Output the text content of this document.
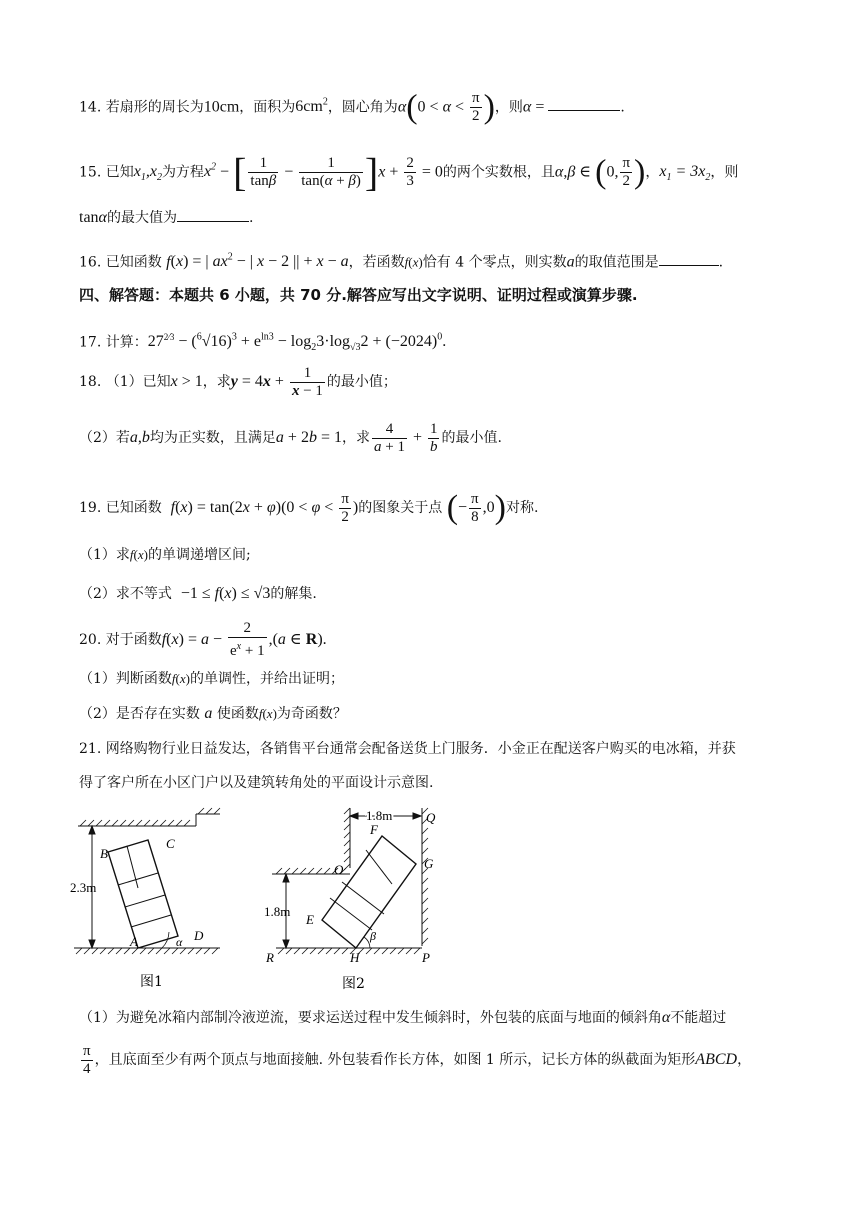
14. 若扇形的周长为10cm，面积为$6cm^2$，圆心角为$\alpha(0 < \alpha < \frac{\pi}{2}$ )，则α =	.
15. 已知$x_1,x_2$为方程$x^2$ − [ $\frac{1}{\tan\beta} - \frac{1}{\tan(\alpha + \beta)} ]x + \frac{2}{3} = 0$的两个实数根，且α,β ∈ (0, $\frac{\pi}{2}$ )，$x_1 = 3x_2$，则
tanα的最大值为	.
16. 已知函数 f(x) = | $ax^2$ − | x − 2 || + x − a，若函数f(x)恰有 4 个零点，则实数a的取值范围是	.
四、解答题：本题共 6 小题，共 70 分.解答应写出文字说明、证明过程或演算步骤.
17. 计算：$27^{2⁄3} - (^6√16)^3 + e^{ln3} - \log_23\cdot\log_{√3}2 + (-2024)^0$.
18. （1）已知x > 1，求$y = 4x + \frac{1}{x - 1}$ 的最小值；
（2）若a,b均为正实数，且满足a + 2b = 1，求 $\frac{4}{a + 1} + \frac{1}{b}$ 的最小值.
19. 已知函数 $f(x) = \tan(2x + \varphi)(0 < \varphi < \frac{\pi}{2}$ )的图象关于点 (− $\frac{\pi}{8} ,0$)对称.
（1）求f(x)的单调递增区间;
（2）求不等式 −1 ≤ f(x) ≤ √3的解集.
20. 对于函数$f(x) = a - \frac{2}{e^x + 1} ,(a$ ∈ R).
（1）判断函数f(x)的单调性，并给出证明；
（2）是否存在实数 a 使函数f(x)为奇函数？
21. 网络购物行业日益发达，各销售平台通常会配备送货上门服务．小金正在配送客户购买的电冰箱，并获
得了客户所在小区门户以及建筑转角处的平面设计示意图.
B
C
A	D
α
2.3m
图1
1.8m	Q
F
G
O
E
β
H
R	P
1.8m
图2
（1）为避免冰箱内部制冷液逆流，要求运送过程中发生倾斜时，外包装的底面与地面的倾斜角α不能超过
$\frac{\pi}{4}$ ，且底面至少有两个顶点与地面接触. 外包装看作长方体，如图 1 所示，记长方体的纵截面为矩形ABCD，
